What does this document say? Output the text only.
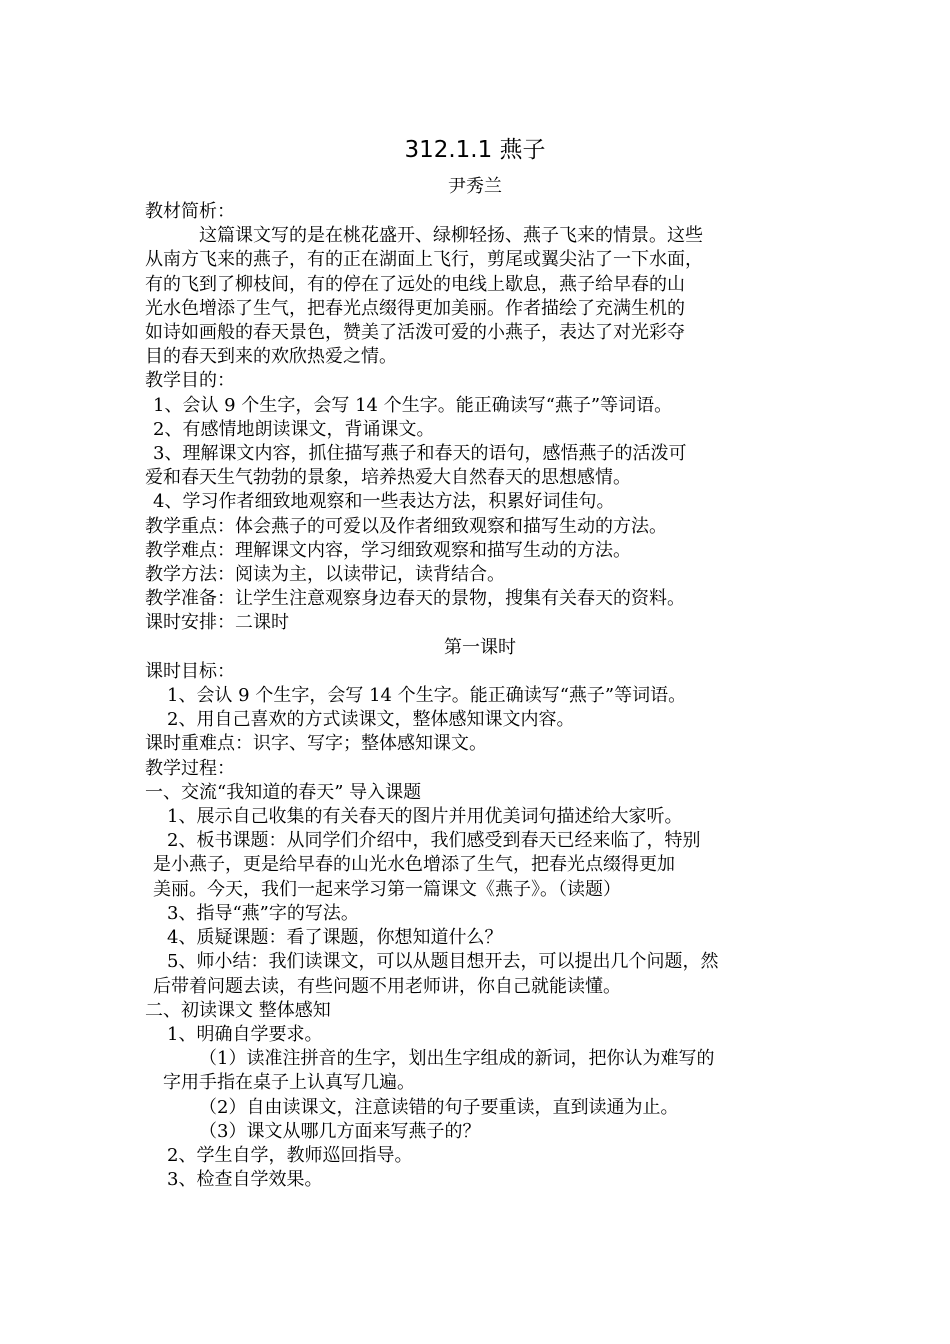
312.1.1 燕子
尹秀兰
教材简析：
这篇课文写的是在桃花盛开、绿柳轻扬、燕子飞来的情景。这些
从南方飞来的燕子，有的正在湖面上飞行，剪尾或翼尖沾了一下水面，
有的飞到了柳枝间，有的停在了远处的电线上歇息，燕子给早春的山
光水色增添了生气，把春光点缀得更加美丽。作者描绘了充满生机的
如诗如画般的春天景色，赞美了活泼可爱的小燕子，表达了对光彩夺
目的春天到来的欢欣热爱之情。
教学目的：
1、会认 9 个生字，会写 14 个生字。能正确读写“燕子”等词语。
2、有感情地朗读课文，背诵课文。
3、理解课文内容，抓住描写燕子和春天的语句，感悟燕子的活泼可
爱和春天生气勃勃的景象，培养热爱大自然春天的思想感情。
4、学习作者细致地观察和一些表达方法，积累好词佳句。
教学重点：体会燕子的可爱以及作者细致观察和描写生动的方法。
教学难点：理解课文内容，学习细致观察和描写生动的方法。
教学方法：阅读为主，以读带记，读背结合。
教学准备：让学生注意观察身边春天的景物，搜集有关春天的资料。
课时安排：二课时
第一课时
课时目标：
1、会认 9 个生字，会写 14 个生字。能正确读写“燕子”等词语。
2、用自己喜欢的方式读课文，整体感知课文内容。
课时重难点：识字、写字；整体感知课文。
教学过程：
一、交流“我知道的春天” 导入课题
1、展示自己收集的有关春天的图片并用优美词句描述给大家听。
2、板书课题：从同学们介绍中，我们感受到春天已经来临了，特别
是小燕子，更是给早春的山光水色增添了生气，把春光点缀得更加
美丽。今天，我们一起来学习第一篇课文《燕子》。（读题）
3、指导“燕”字的写法。
4、质疑课题：看了课题，你想知道什么？
5、师小结：我们读课文，可以从题目想开去，可以提出几个问题，然
后带着问题去读，有些问题不用老师讲，你自己就能读懂。
二、初读课文 整体感知
1、明确自学要求。
（1）读准注拼音的生字，划出生字组成的新词，把你认为难写的
字用手指在桌子上认真写几遍。
（2）自由读课文，注意读错的句子要重读，直到读通为止。
（3）课文从哪几方面来写燕子的？
2、学生自学，教师巡回指导。
3、检查自学效果。
